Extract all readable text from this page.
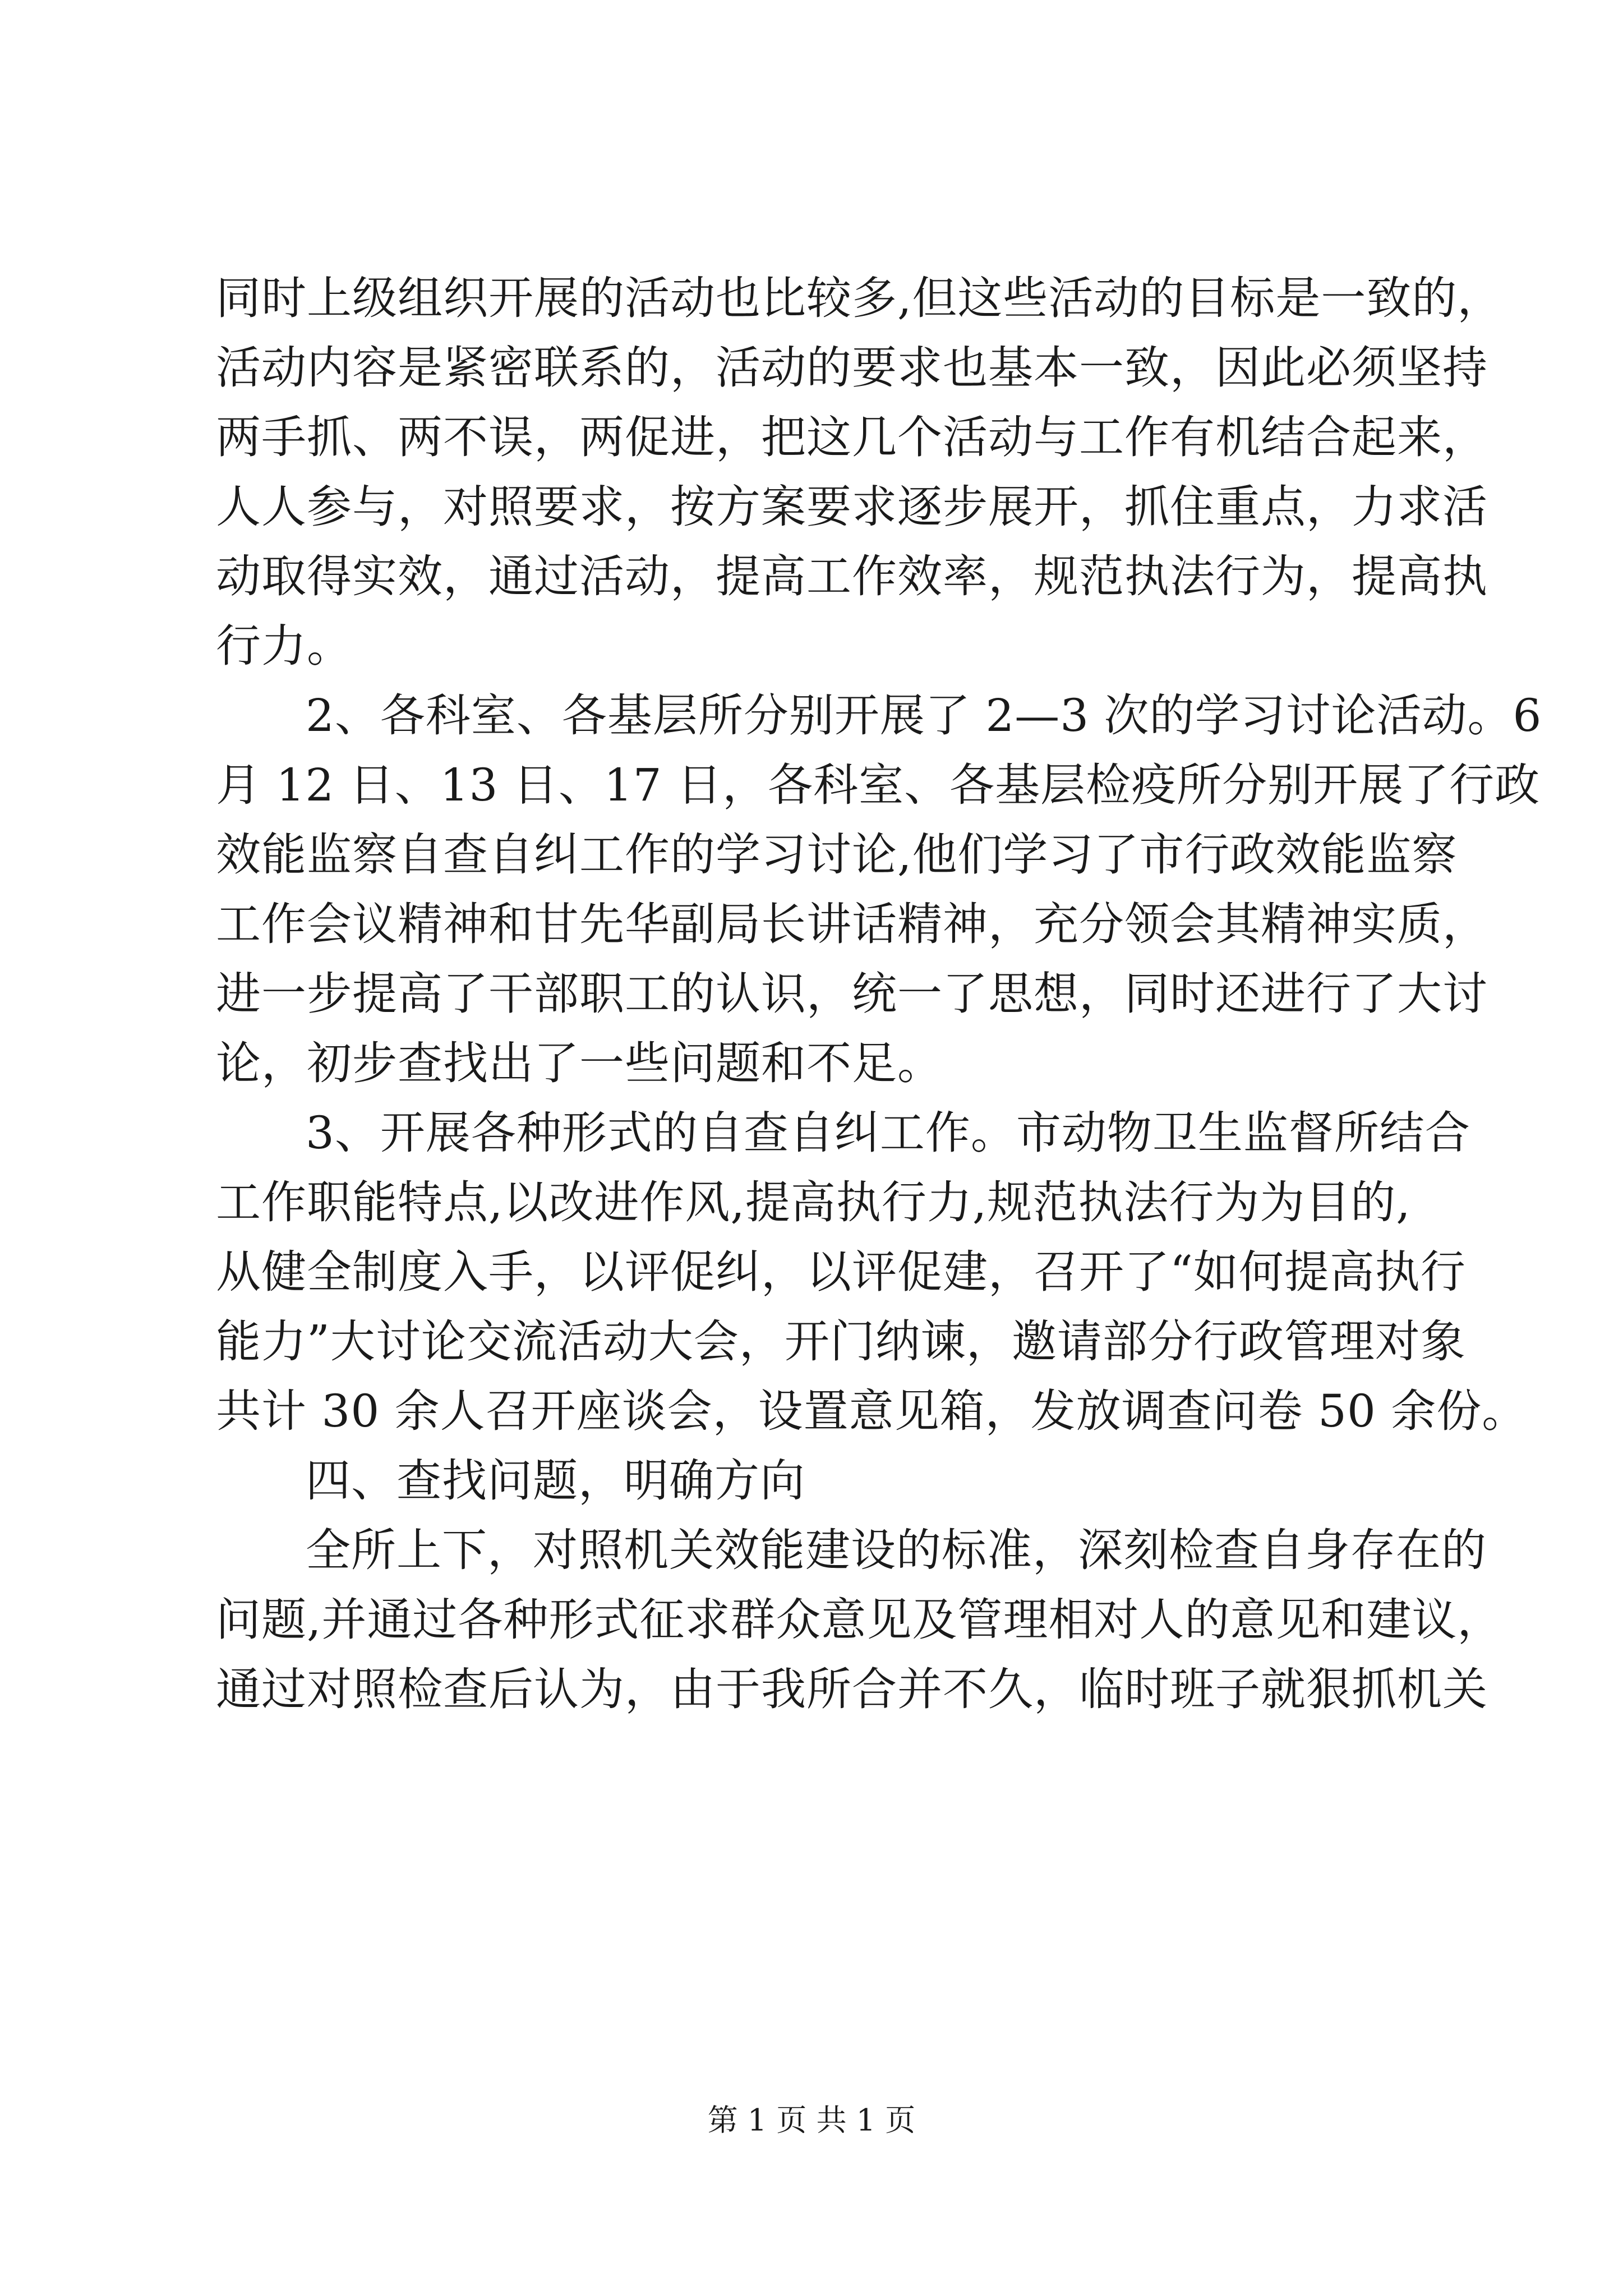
同时上级组织开展的活动也比较多,但这些活动的目标是一致的，
活动内容是紧密联系的，活动的要求也基本一致，因此必须坚持
两手抓、两不误，两促进，把这几个活动与工作有机结合起来，
人人参与，对照要求，按方案要求逐步展开，抓住重点，力求活
动取得实效，通过活动，提高工作效率，规范执法行为，提高执
行力。
2、各科室、各基层所分别开展了 2—3 次的学习讨论活动。6
月 12 日、13 日、17 日，各科室、各基层检疫所分别开展了行政
效能监察自查自纠工作的学习讨论,他们学习了市行政效能监察
工作会议精神和甘先华副局长讲话精神，充分领会其精神实质，
进一步提高了干部职工的认识，统一了思想，同时还进行了大讨
论，初步查找出了一些问题和不足。
3、开展各种形式的自查自纠工作。市动物卫生监督所结合
工作职能特点,以改进作风,提高执行力,规范执法行为为目的,
从健全制度入手，以评促纠，以评促建，召开了“如何提高执行
能力”大讨论交流活动大会，开门纳谏，邀请部分行政管理对象
共计 30 余人召开座谈会，设置意见箱，发放调查问卷 50 余份。
四、查找问题，明确方向
全所上下，对照机关效能建设的标准，深刻检查自身存在的
问题,并通过各种形式征求群众意见及管理相对人的意见和建议，
通过对照检查后认为，由于我所合并不久，临时班子就狠抓机关
第 1 页 共 1 页
